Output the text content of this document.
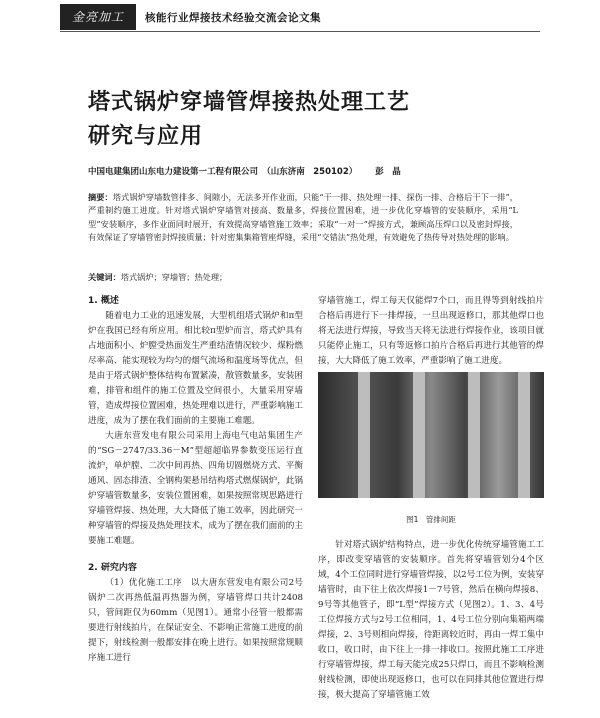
金亮加工	核能行业焊接技术经验交流会论文集
塔式锅炉穿墙管焊接热处理工艺
研究与应用
中国电建集团山东电力建设第一工程有限公司　（山东济南　250102） 彭　晶
摘要：塔式锅炉穿墙数管排多、间隙小，无法多开作业面，只能“干一排、热处理一排、探伤一排、合格后干下一排”，严重制约施工进度。针对塔式锅炉穿墙管对接高、数量多，焊接位置困难，进一步优化穿墙管的安装顺序，采用“L型”安装顺序，多作业面同时展开，有效提高穿墙管施工效率；采取“一对一”焊接方式，兼顾高压焊口以及密封焊接，有效保证了穿墙管密封焊接质量；针对密集集箱管座焊缝，采用“交错法”热处理，有效避免了热传导对热处理的影响。
关键词：塔式锅炉；穿墙管；热处理；

1. 概述

随着电力工业的迅速发展，大型机组塔式锅炉和π型炉在我国已经有所应用。相比较π型炉而言，塔式炉具有占地面积小、炉膛受热面发生严重结渣情况较少、煤粉燃尽率高、能实现较为均匀的烟气流场和温度场等优点，但是由于塔式锅炉整体结构布置紧凑，散管数量多，安装困难，排管和组件的施工位置及空间很小，大量采用穿墙管，造成焊接位置困难，热处理难以进行，严重影响施工进度，成为了摆在我们面前的主要施工难题。

大唐东营发电有限公司采用上海电气电站集团生产的“SG－2747/33.36－M”型超超临界参数变压运行直流炉，单炉膛、二次中间再热、四角切圆燃烧方式、平衡通风、固态排渣、全钢构架悬吊结构塔式燃煤锅炉，此锅炉穿墙管数量多，安装位置困难，如果按照常规思路进行穿墙管焊接、热处理，大大降低了施工效率，因此研究一种穿墙管的焊接及热处理技术，成为了摆在我们面前的主要施工难题。

2. 研究内容

（1）优化施工工序　以大唐东营发电有限公司2号锅炉二次再热低温再热器为例，穿墙管焊口共计2408只，管间距仅为60mm（见图1）。通常小径管一般都需要进行射线拍片，在保证安全、不影响正常施工进度的前提下，射线检测一般都安排在晚上进行。如果按照常规顺序施工进行

穿墙管施工，焊工每天仅能焊7个口，而且得等到射线拍片合格后再进行下一排焊接，一旦出现返修口，那其他焊口也将无法进行焊接，导致当天将无法进行焊接作业，该项目就只能停止施工，只有等返修口拍片合格后再进行其他管的焊接，大大降低了施工效率，严重影响了施工进度。

图1　管排间距

针对塔式锅炉结构特点，进一步优化传统穿墙管施工工序，即改变穿墙管的安装顺序。首先将穿墙管划分4个区域，4个工位同时进行穿墙管焊接，以2号工位为例，安装穿墙管时，由下往上依次焊接1－7号管，然后在横向焊接8、9号等其他管子，即“L型”焊接方式（见图2）。1、3、4号工位焊接方式与2号工位相同，1、4号工位分别向集箱两端焊接，2、3号则相向焊接，待距离较近时，再由一焊工集中收口，收口时，由下往上一排一排收口。按照此施工工序进行穿墙管焊接，焊工每天能完成25只焊口，而且不影响检测射线检测，即使出现返修口，也可以在同排其他位置进行焊接，极大提高了穿墙管施工效
